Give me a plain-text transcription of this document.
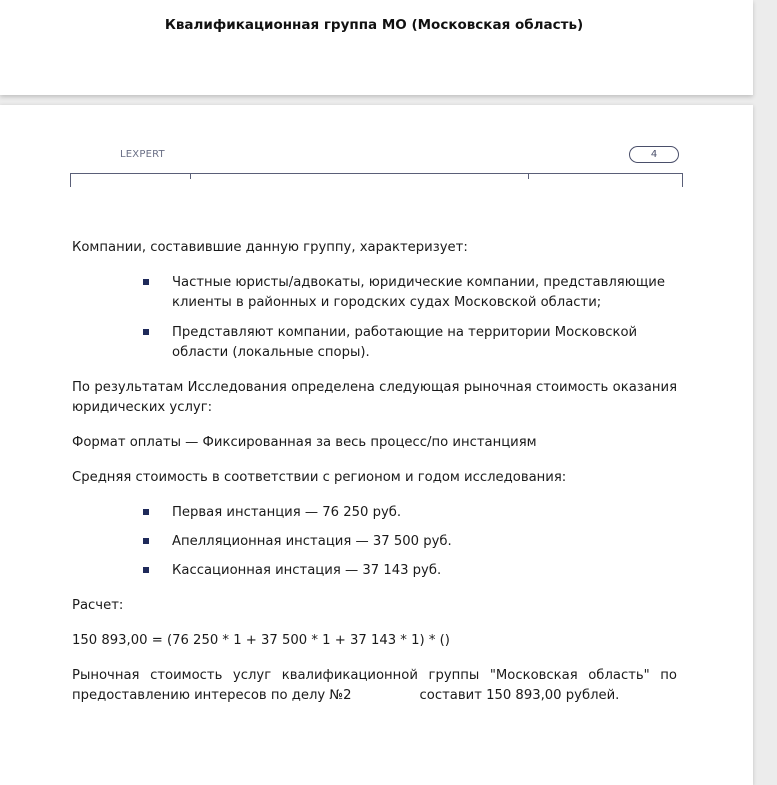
Квалификационная группа МО (Московская область)
LEXPERT	4

Компании, составившие данную группу, характеризует:

Частные юристы/адвокаты, юридические компании, представляющие клиенты в районных и городских судах Московской области;
Представляют компании, работающие на территории Московской области (локальные споры).

По результатам Исследования определена следующая рыночная стоимость оказания юридических услуг:

Формат оплаты — Фиксированная за весь процесс/по инстанциям

Средняя стоимость в соответствии с регионом и годом исследования:

Первая инстанция — 76 250 руб.
Апелляционная инстация — 37 500 руб.
Кассационная инстация — 37 143 руб.

Расчет:

150 893,00 = (76 250 * 1 + 37 500 * 1 + 37 143 * 1) * ()

Рыночная стоимость услуг квалификационной группы "Московская область" по предоставлению интересов по делу №2	составит 150 893,00 рублей.
